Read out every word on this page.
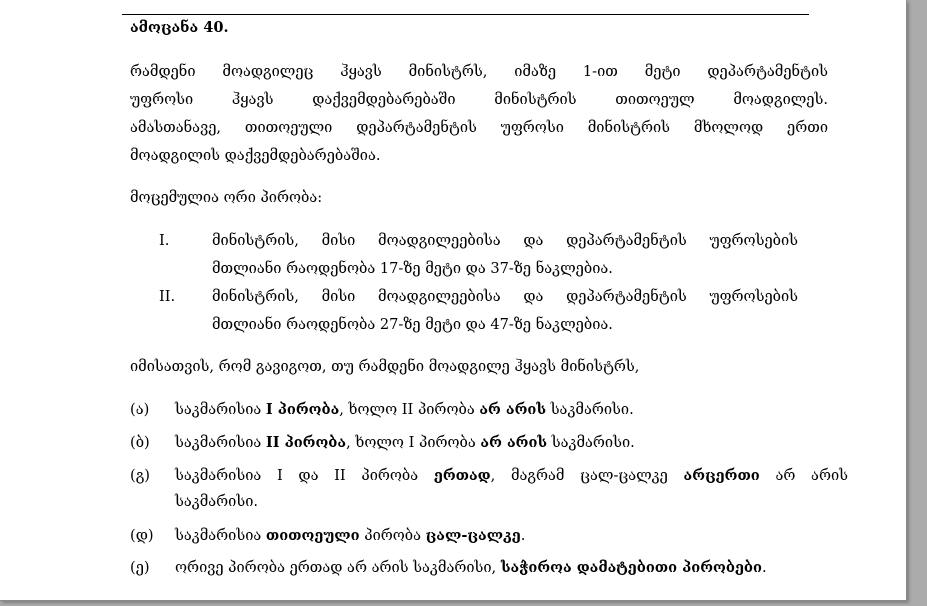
ამოცანა 40.
რამდენი მოადგილეც ჰყავს მინისტრს, იმაზე 1-ით მეტი დეპარტამენტის
უფროსი ჰყავს დაქვემდებარებაში მინისტრის თითოეულ მოადგილეს.
ამასთანავე, თითოეული დეპარტამენტის უფროსი მინისტრის მხოლოდ ერთი
მოადგილის დაქვემდებარებაშია.
მოცემულია ორი პირობა:
I.	მინისტრის, მისი მოადგილეებისა და დეპარტამენტის უფროსების
მთლიანი რაოდენობა 17-ზე მეტი და 37-ზე ნაკლებია.
II.	მინისტრის, მისი მოადგილეებისა და დეპარტამენტის უფროსების
მთლიანი რაოდენობა 27-ზე მეტი და 47-ზე ნაკლებია.
იმისათვის, რომ გავიგოთ, თუ რამდენი მოადგილე ჰყავს მინისტრს,
(ა) საკმარისია I პირობა, ხოლო II პირობა არ არის საკმარისი.
(ბ) საკმარისია II პირობა, ხოლო I პირობა არ არის საკმარისი.
(გ) საკმარისია I და II პირობა ერთად, მაგრამ ცალ-ცალკე არცერთი არ არის
საკმარისი.
(დ) საკმარისია თითოეული პირობა ცალ-ცალკე.
(ე) ორივე პირობა ერთად არ არის საკმარისი, საჭიროა დამატებითი პირობები.
